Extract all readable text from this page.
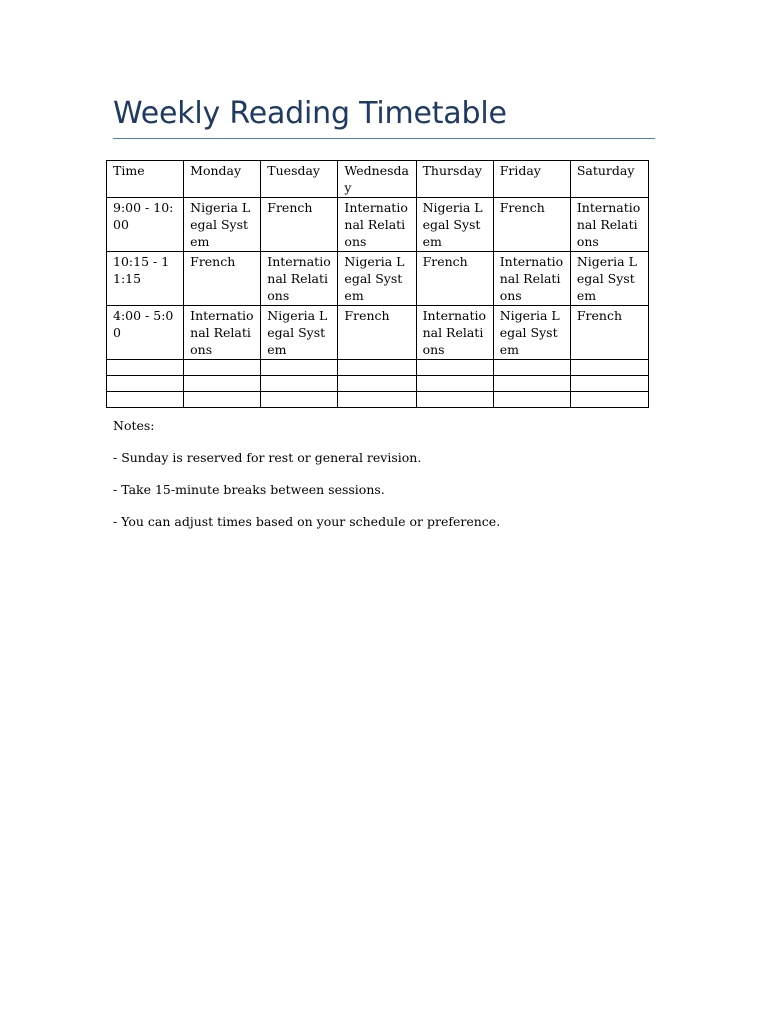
Weekly Reading Timetable
Time	Monday	Tuesday	Wednesday	Thursday	Friday	Saturday
9:00 - 10:00	Nigeria Legal System	French	International Relations	Nigeria Legal System	French	International Relations
10:15 - 11:15	French	International Relations	Nigeria Legal System	French	International Relations	Nigeria Legal System
4:00 - 5:00	International Relations	Nigeria Legal System	French	International Relations	Nigeria Legal System	French

Notes:

- Sunday is reserved for rest or general revision.

- Take 15-minute breaks between sessions.

- You can adjust times based on your schedule or preference.
